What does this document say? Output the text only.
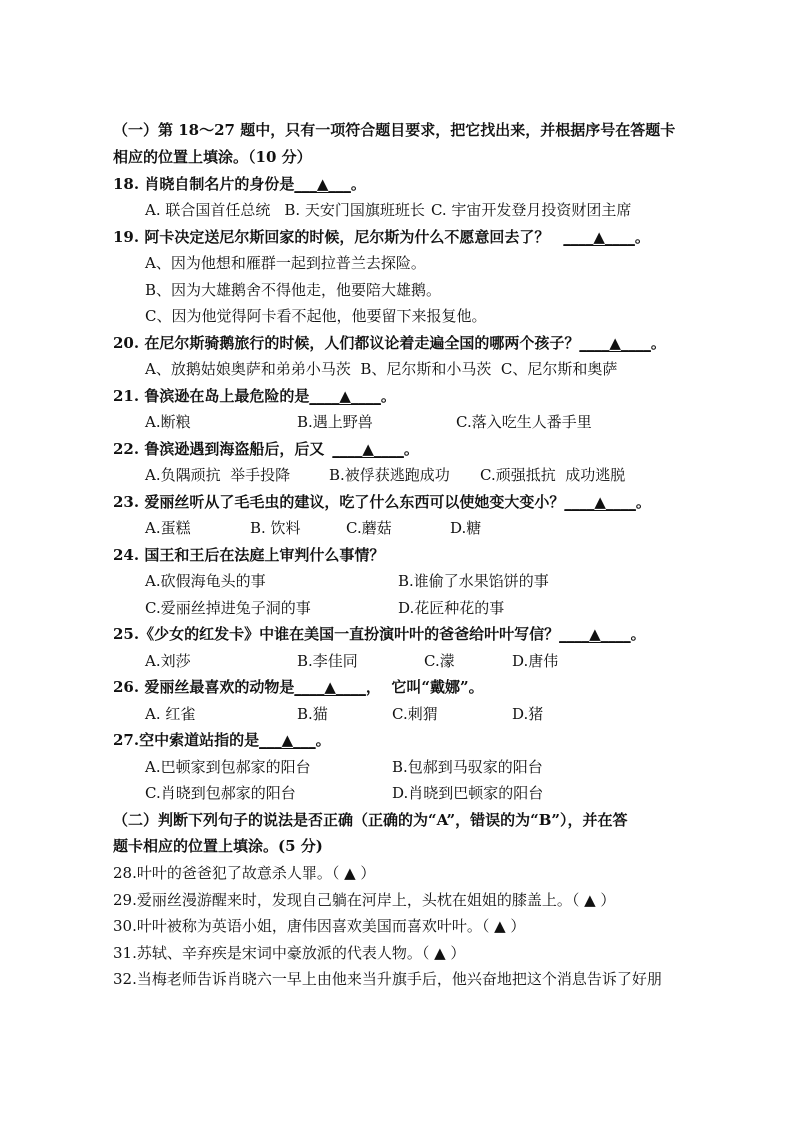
（一）第 18～27 题中，只有一项符合题目要求，把它找出来，并根据序号在答题卡
相应的位置上填涂。（10 分）
18. 肖晓自制名片的身份是___▲___。
A. 联合国首任总统 B. 天安门国旗班班长 C. 宇宙开发登月投资财团主席
19. 阿卡决定送尼尔斯回家的时候，尼尔斯为什么不愿意回去了？ ____▲____。
A、因为他想和雁群一起到拉普兰去探险。
B、因为大雄鹅舍不得他走，他要陪大雄鹅。
C、因为他觉得阿卡看不起他，他要留下来报复他。
20. 在尼尔斯骑鹅旅行的时候，人们都议论着走遍全国的哪两个孩子？____▲____。
A、放鹅姑娘奥萨和弟弟小马茨  B、尼尔斯和小马茨  C、尼尔斯和奥萨
21. 鲁滨逊在岛上最危险的是____▲____。
A.断粮	B.遇上野兽	C.落入吃生人番手里
22. 鲁滨逊遇到海盗船后，后又 ____▲____。
A.负隅顽抗  举手投降	B.被俘获逃跑成功 C.顽强抵抗  成功逃脱
23. 爱丽丝听从了毛毛虫的建议，吃了什么东西可以使她变大变小？____▲____。
A.蛋糕	B. 饮料	C.蘑菇	D.糖
24. 国王和王后在法庭上审判什么事情？
A.砍假海龟头的事	B.谁偷了水果馅饼的事
C.爱丽丝掉进兔子洞的事	D.花匠种花的事
25.《少女的红发卡》中谁在美国一直扮演叶叶的爸爸给叶叶写信？____▲____。
A.刘莎	B.李佳同	C.濛	D.唐伟
26. 爱丽丝最喜欢的动物是____▲____，  它叫“戴娜”。
A. 红雀	B.猫	C.刺猬	D.猪
27.空中索道站指的是___▲___。
A.巴顿家到包郝家的阳台	B.包郝到马驭家的阳台
C.肖晓到包郝家的阳台	D.肖晓到巴顿家的阳台
（二）判断下列句子的说法是否正确（正确的为“A”，错误的为“B”），并在答
题卡相应的位置上填涂。(5 分)
28.叶叶的爸爸犯了故意杀人罪。（ ▲ ）
29.爱丽丝漫游醒来时，发现自己躺在河岸上，头枕在姐姐的膝盖上。（ ▲ ）
30.叶叶被称为英语小姐，唐伟因喜欢美国而喜欢叶叶。（ ▲ ）
31.苏轼、辛弃疾是宋词中豪放派的代表人物。（ ▲ ）
32.当梅老师告诉肖晓六一早上由他来当升旗手后，他兴奋地把这个消息告诉了好朋
